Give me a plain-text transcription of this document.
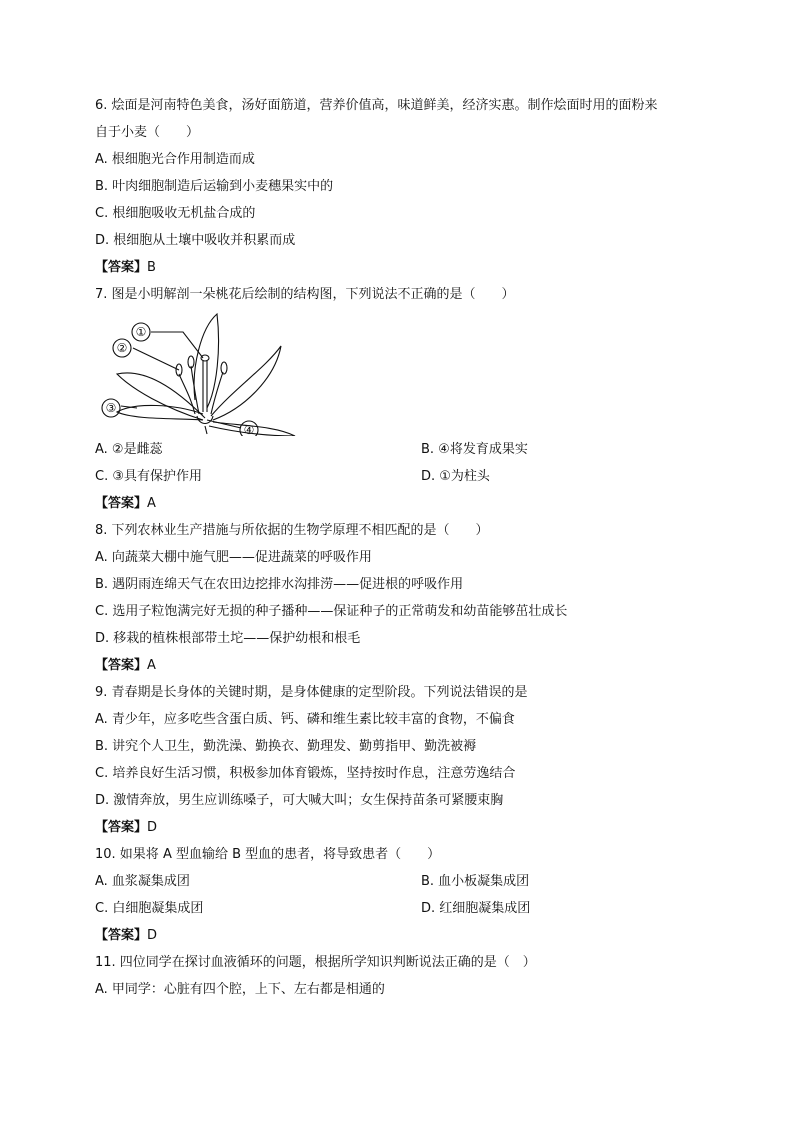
6. 烩面是河南特色美食，汤好面筋道，营养价值高，味道鲜美，经济实惠。制作烩面时用的面粉来
自于小麦（　　）
A. 根细胞光合作用制造而成
B. 叶肉细胞制造后运输到小麦穗果实中的
C. 根细胞吸收无机盐合成的
D. 根细胞从土壤中吸收并积累而成
【答案】B
7. 图是小明解剖一朵桃花后绘制的结构图，下列说法不正确的是（　　）
①
②
③
④
A. ②是雌蕊	B. ④将发育成果实
C. ③具有保护作用	D. ①为柱头
【答案】A
8. 下列农林业生产措施与所依据的生物学原理不相匹配的是（　　）
A. 向蔬菜大棚中施气肥——促进蔬菜的呼吸作用
B. 遇阴雨连绵天气在农田边挖排水沟排涝——促进根的呼吸作用
C. 选用子粒饱满完好无损的种子播种——保证种子的正常萌发和幼苗能够茁壮成长
D. 移栽的植株根部带土坨——保护幼根和根毛
【答案】A
9. 青春期是长身体的关键时期，是身体健康的定型阶段。下列说法错误的是
A. 青少年，应多吃些含蛋白质、钙、磷和维生素比较丰富的食物，不偏食
B. 讲究个人卫生，勤洗澡、勤换衣、勤理发、勤剪指甲、勤洗被褥
C. 培养良好生活习惯，积极参加体育锻炼，坚持按时作息，注意劳逸结合
D. 激情奔放，男生应训练嗓子，可大喊大叫；女生保持苗条可紧腰束胸
【答案】D
10. 如果将 A 型血输给 B 型血的患者，将导致患者（　　）
A. 血浆凝集成团	B. 血小板凝集成团
C. 白细胞凝集成团	D. 红细胞凝集成团
【答案】D
11. 四位同学在探讨血液循环的问题，根据所学知识判断说法正确的是（　）
A. 甲同学：心脏有四个腔，上下、左右都是相通的
